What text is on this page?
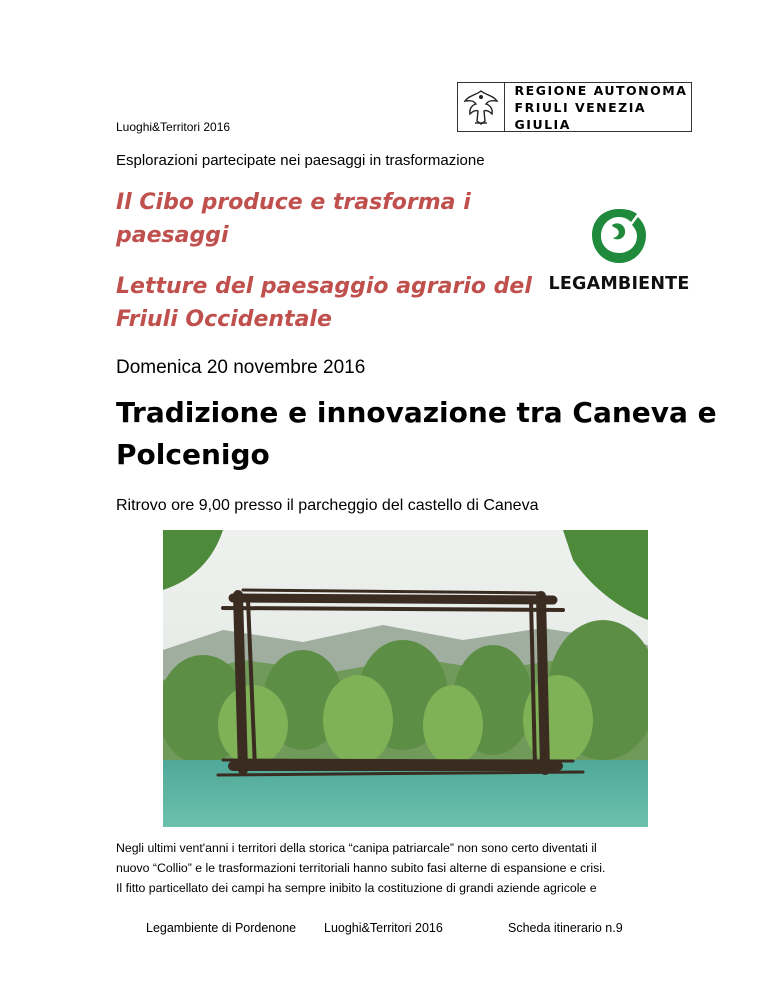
Luoghi&Territori 2016
Esplorazioni partecipate nei paesaggi in trasformazione
REGIONE AUTONOMA
FRIULI VENEZIA GIULIA
Il Cibo produce e trasforma i
paesaggi
Letture del paesaggio agrario del
Friuli Occidentale
LEGAMBIENTE
Domenica 20 novembre 2016
Tradizione e innovazione tra Caneva e
Polcenigo
Ritrovo ore 9,00 presso il parcheggio del castello di Caneva
Negli ultimi vent'anni i territori della storica “canipa patriarcale” non sono certo diventati il
nuovo “Collio” e le trasformazioni territoriali hanno subito fasi alterne di espansione e crisi.
Il fitto particellato dei campi ha sempre inibito la costituzione di grandi aziende agricole e
Legambiente di Pordenone Luoghi&Territori 2016	Scheda itinerario n.9
